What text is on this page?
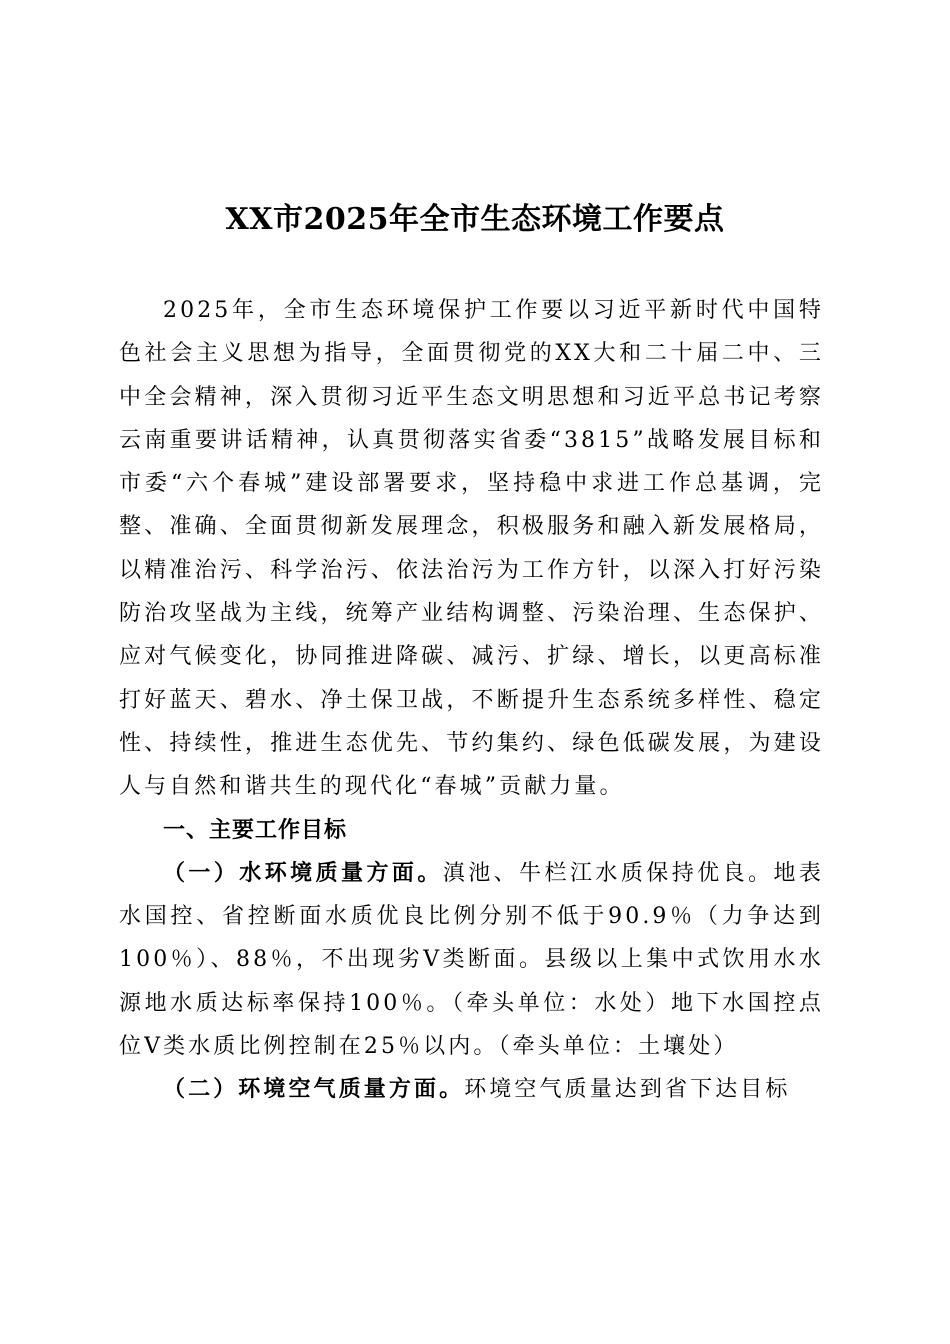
XX市2025年全市生态环境工作要点

2025年，全市生态环境保护工作要以习近平新时代中国特色社会主义思想为指导，全面贯彻党的XX大和二十届二中、三中全会精神，深入贯彻习近平生态文明思想和习近平总书记考察云南重要讲话精神，认真贯彻落实省委“3815”战略发展目标和市委“六个春城”建设部署要求，坚持稳中求进工作总基调，完整、准确、全面贯彻新发展理念，积极服务和融入新发展格局，以精准治污、科学治污、依法治污为工作方针，以深入打好污染防治攻坚战为主线，统筹产业结构调整、污染治理、生态保护、应对气候变化，协同推进降碳、减污、扩绿、增长，以更高标准打好蓝天、碧水、净土保卫战，不断提升生态系统多样性、稳定性、持续性，推进生态优先、节约集约、绿色低碳发展，为建设人与自然和谐共生的现代化“春城”贡献力量。

一、主要工作目标

（一）水环境质量方面。滇池、牛栏江水质保持优良。地表水国控、省控断面水质优良比例分别不低于90.9％（力争达到100％）、88％，不出现劣V类断面。县级以上集中式饮用水水源地水质达标率保持100％。（牵头单位：水处）地下水国控点位V类水质比例控制在25％以内。（牵头单位：土壤处）

（二）环境空气质量方面。环境空气质量达到省下达目标
